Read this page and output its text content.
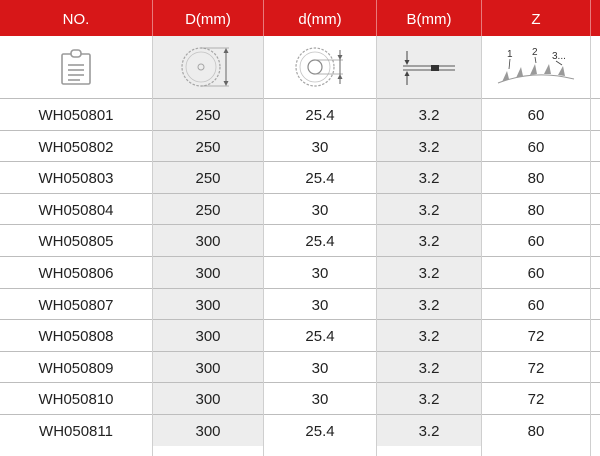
NO.	D(mm)	d(mm)	B(mm)	Z
1 2 3...
WH050801	250	25.4	3.2	60
WH050802	250	30	3.2	60
WH050803	250	25.4	3.2	80
WH050804	250	30	3.2	80
WH050805	300	25.4	3.2	60
WH050806	300	30	3.2	60
WH050807	300	30	3.2	60
WH050808	300	25.4	3.2	72
WH050809	300	30	3.2	72
WH050810	300	30	3.2	72
WH050811	300	25.4	3.2	80
